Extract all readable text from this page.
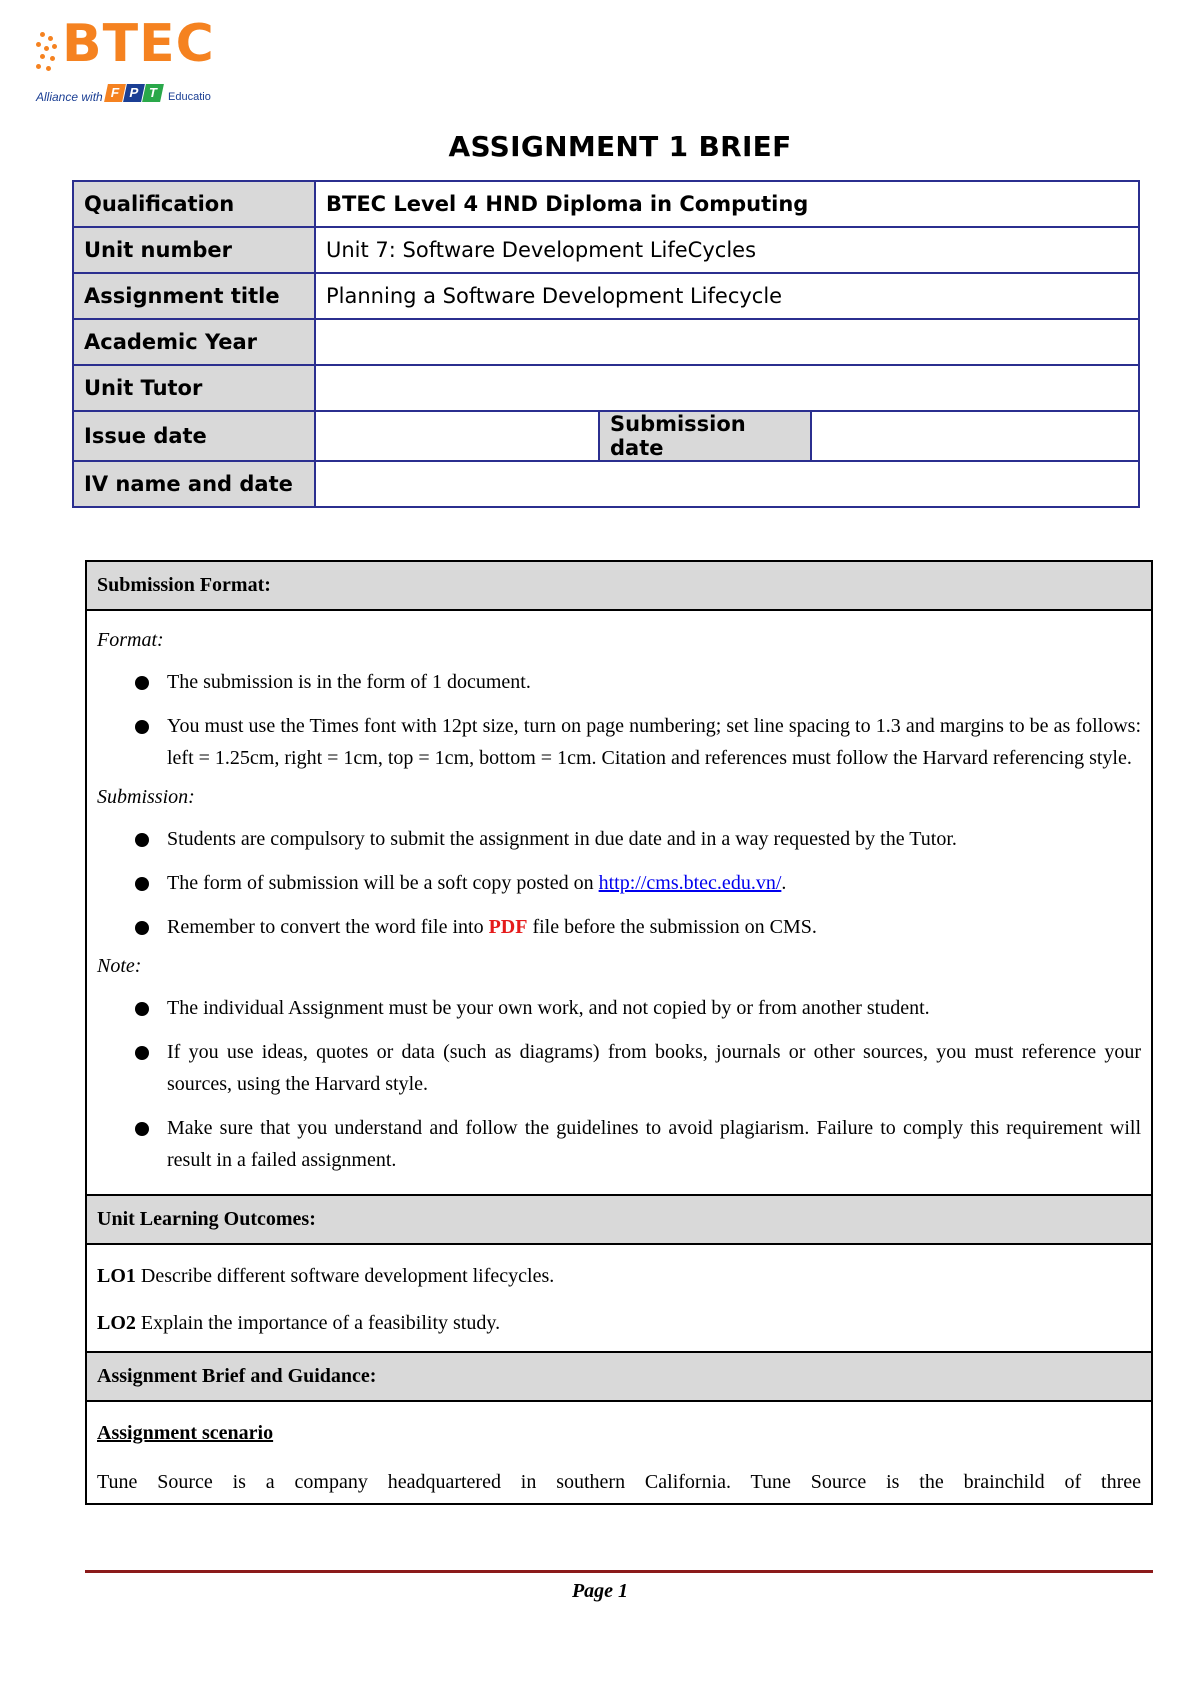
BTEC
Alliance with F P T Educatio
ASSIGNMENT 1 BRIEF
Qualification	BTEC Level 4 HND Diploma in Computing		
Unit number	Unit 7: Software Development LifeCycles		
Assignment title	Planning a Software Development Lifecycle		
Academic Year			
Unit Tutor			
Issue date		Submission date	
IV name and date			
Submission Format:
Format:
The submission is in the form of 1 document.
You must use the Times font with 12pt size, turn on page numbering; set line spacing to 1.3 and margins to be as follows: left = 1.25cm, right = 1cm, top = 1cm, bottom = 1cm. Citation and references must follow the Harvard referencing style.
Submission:
Students are compulsory to submit the assignment in due date and in a way requested by the Tutor.
The form of submission will be a soft copy posted on http://cms.btec.edu.vn/.
Remember to convert the word file into PDF file before the submission on CMS.
Note:
The individual Assignment must be your own work, and not copied by or from another student.
If you use ideas, quotes or data (such as diagrams) from books, journals or other sources, you must reference your sources, using the Harvard style.
Make sure that you understand and follow the guidelines to avoid plagiarism. Failure to comply this requirement will result in a failed assignment.
Unit Learning Outcomes:
LO1 Describe different software development lifecycles.
LO2 Explain the importance of a feasibility study.
Assignment Brief and Guidance:
Assignment scenario
Tune Source is a company headquartered in southern California. Tune Source is the brainchild of three
Page 1
